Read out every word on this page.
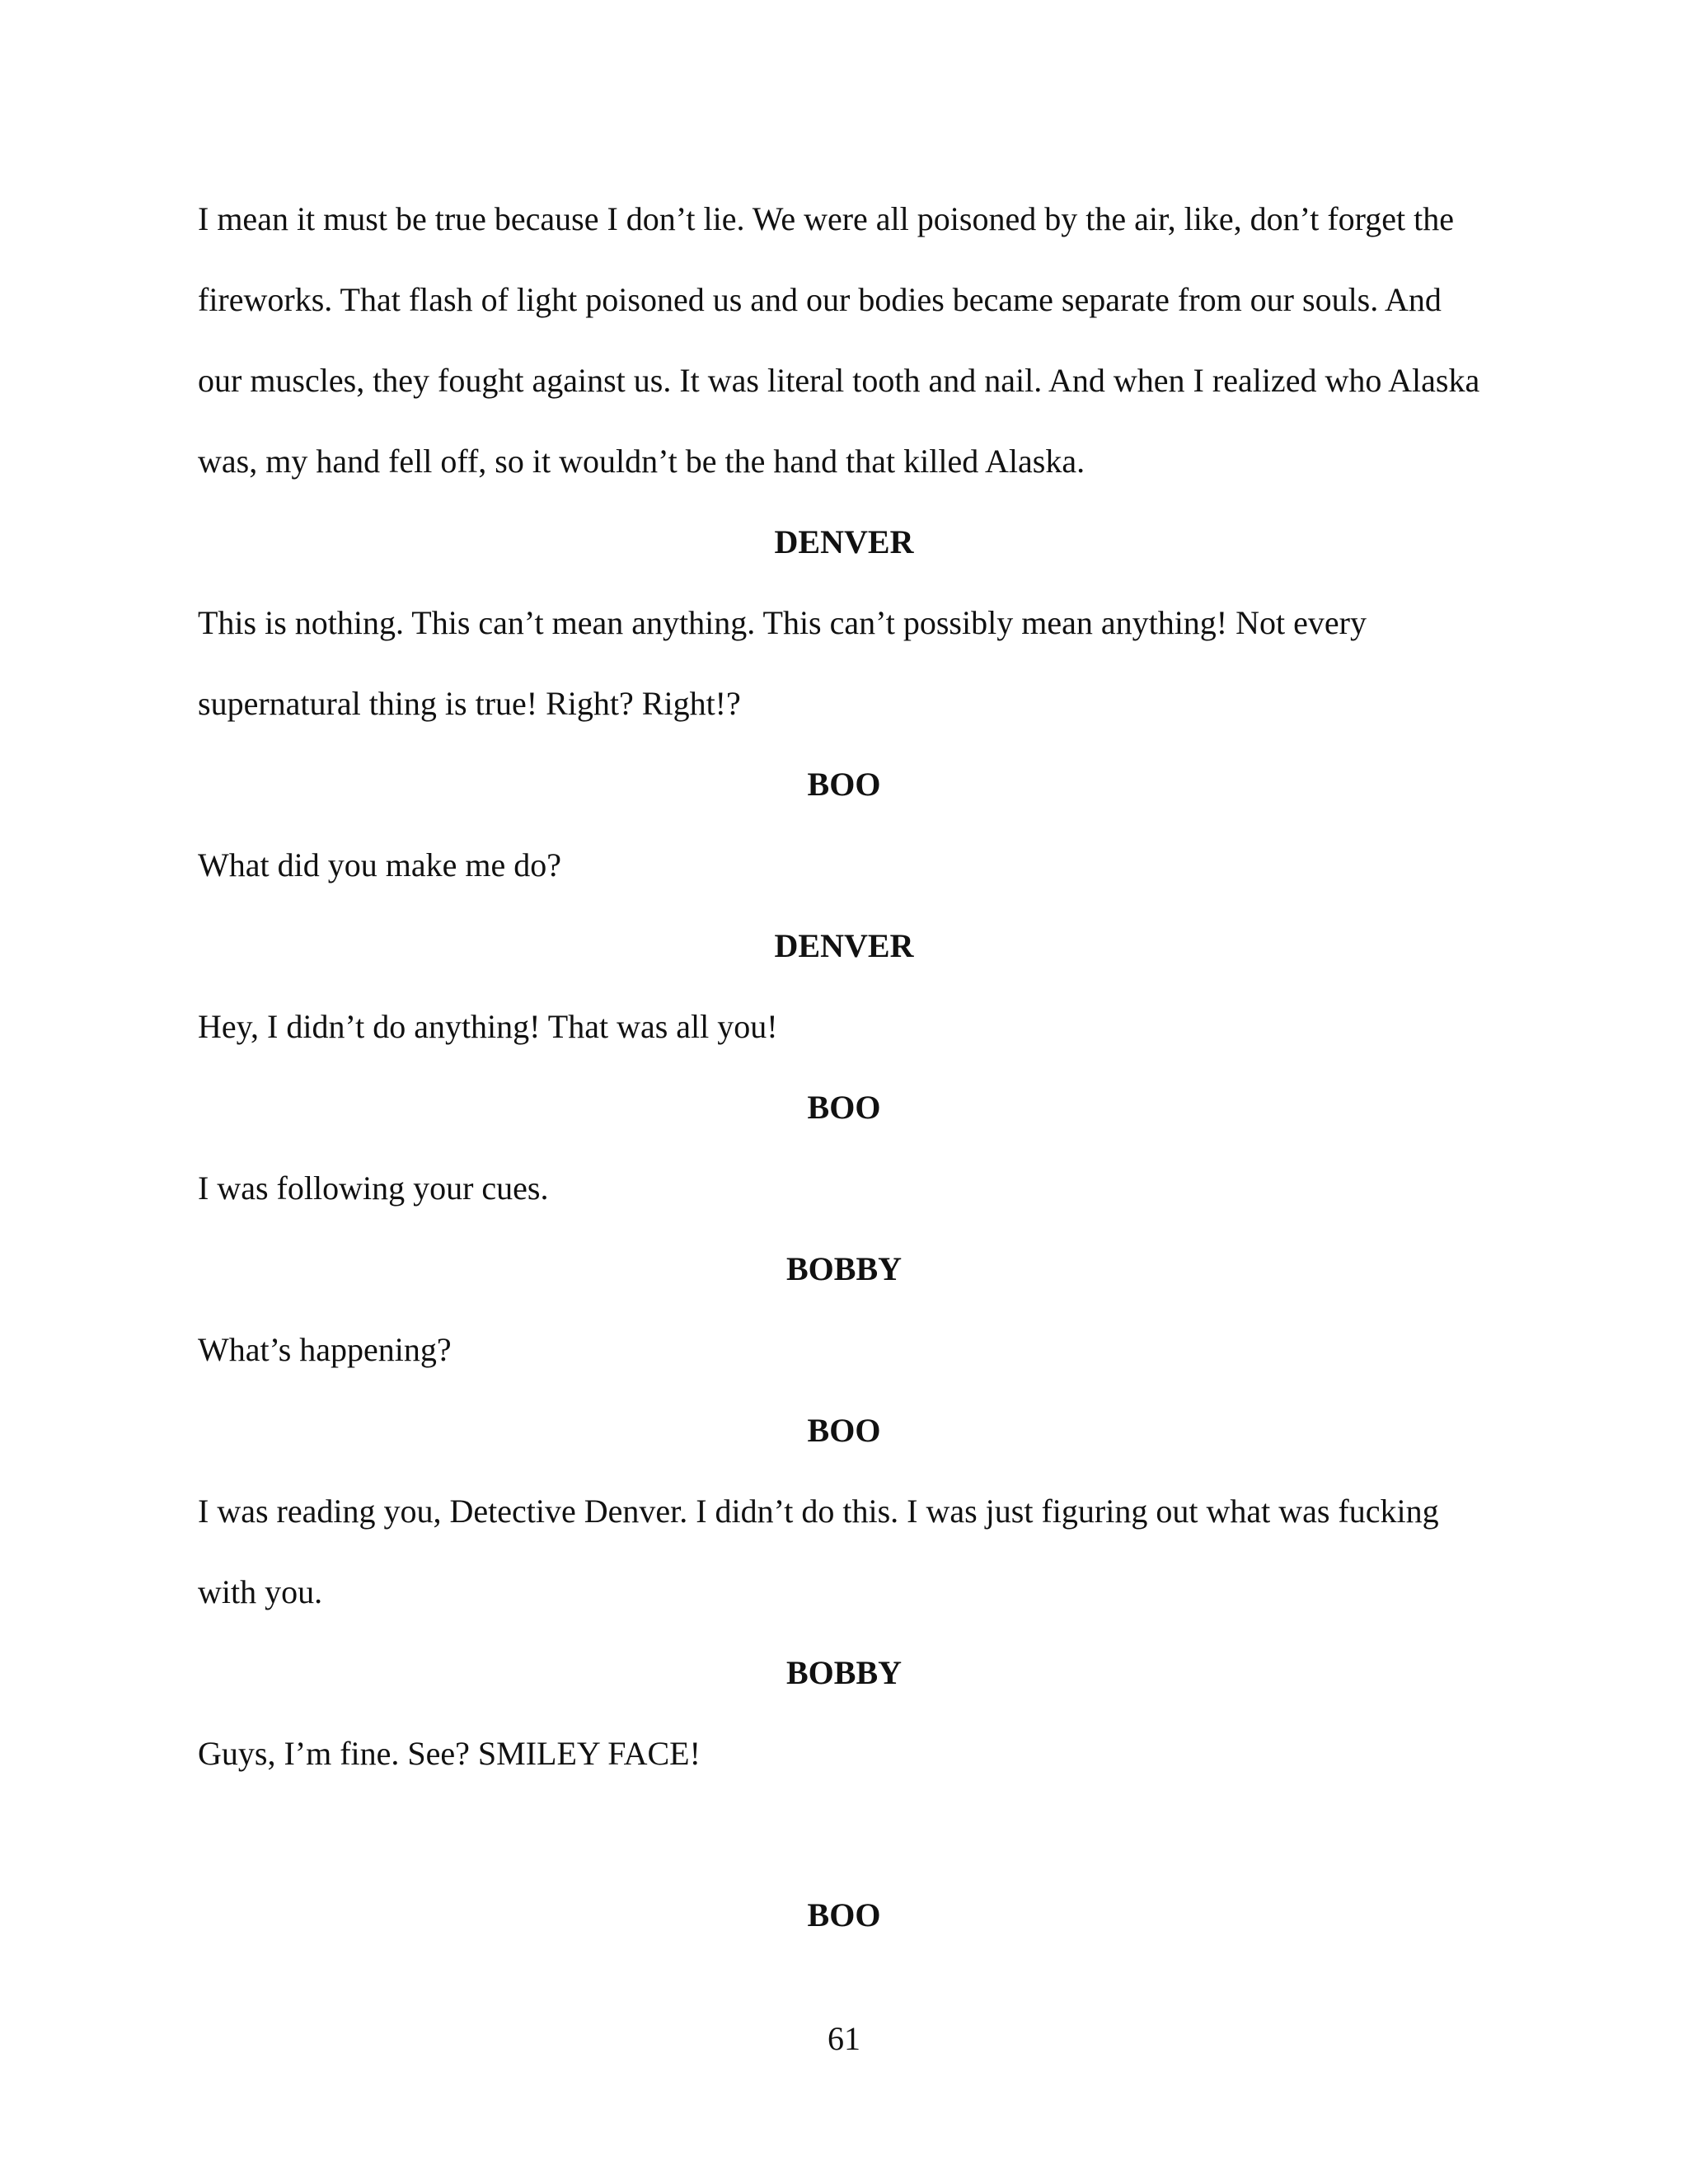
I mean it must be true because I don’t lie. We were all poisoned by the air, like, don’t forget the
fireworks. That flash of light poisoned us and our bodies became separate from our souls. And
our muscles, they fought against us. It was literal tooth and nail. And when I realized who Alaska
was, my hand fell off, so it wouldn’t be the hand that killed Alaska.
DENVER
This is nothing. This can’t mean anything. This can’t possibly mean anything! Not every
supernatural thing is true! Right? Right!?
BOO
What did you make me do?
DENVER
Hey, I didn’t do anything! That was all you!
BOO
I was following your cues.
BOBBY
What’s happening?
BOO
I was reading you, Detective Denver. I didn’t do this. I was just figuring out what was fucking
with you.
BOBBY
Guys, I’m fine. See? SMILEY FACE!
BOO
61
